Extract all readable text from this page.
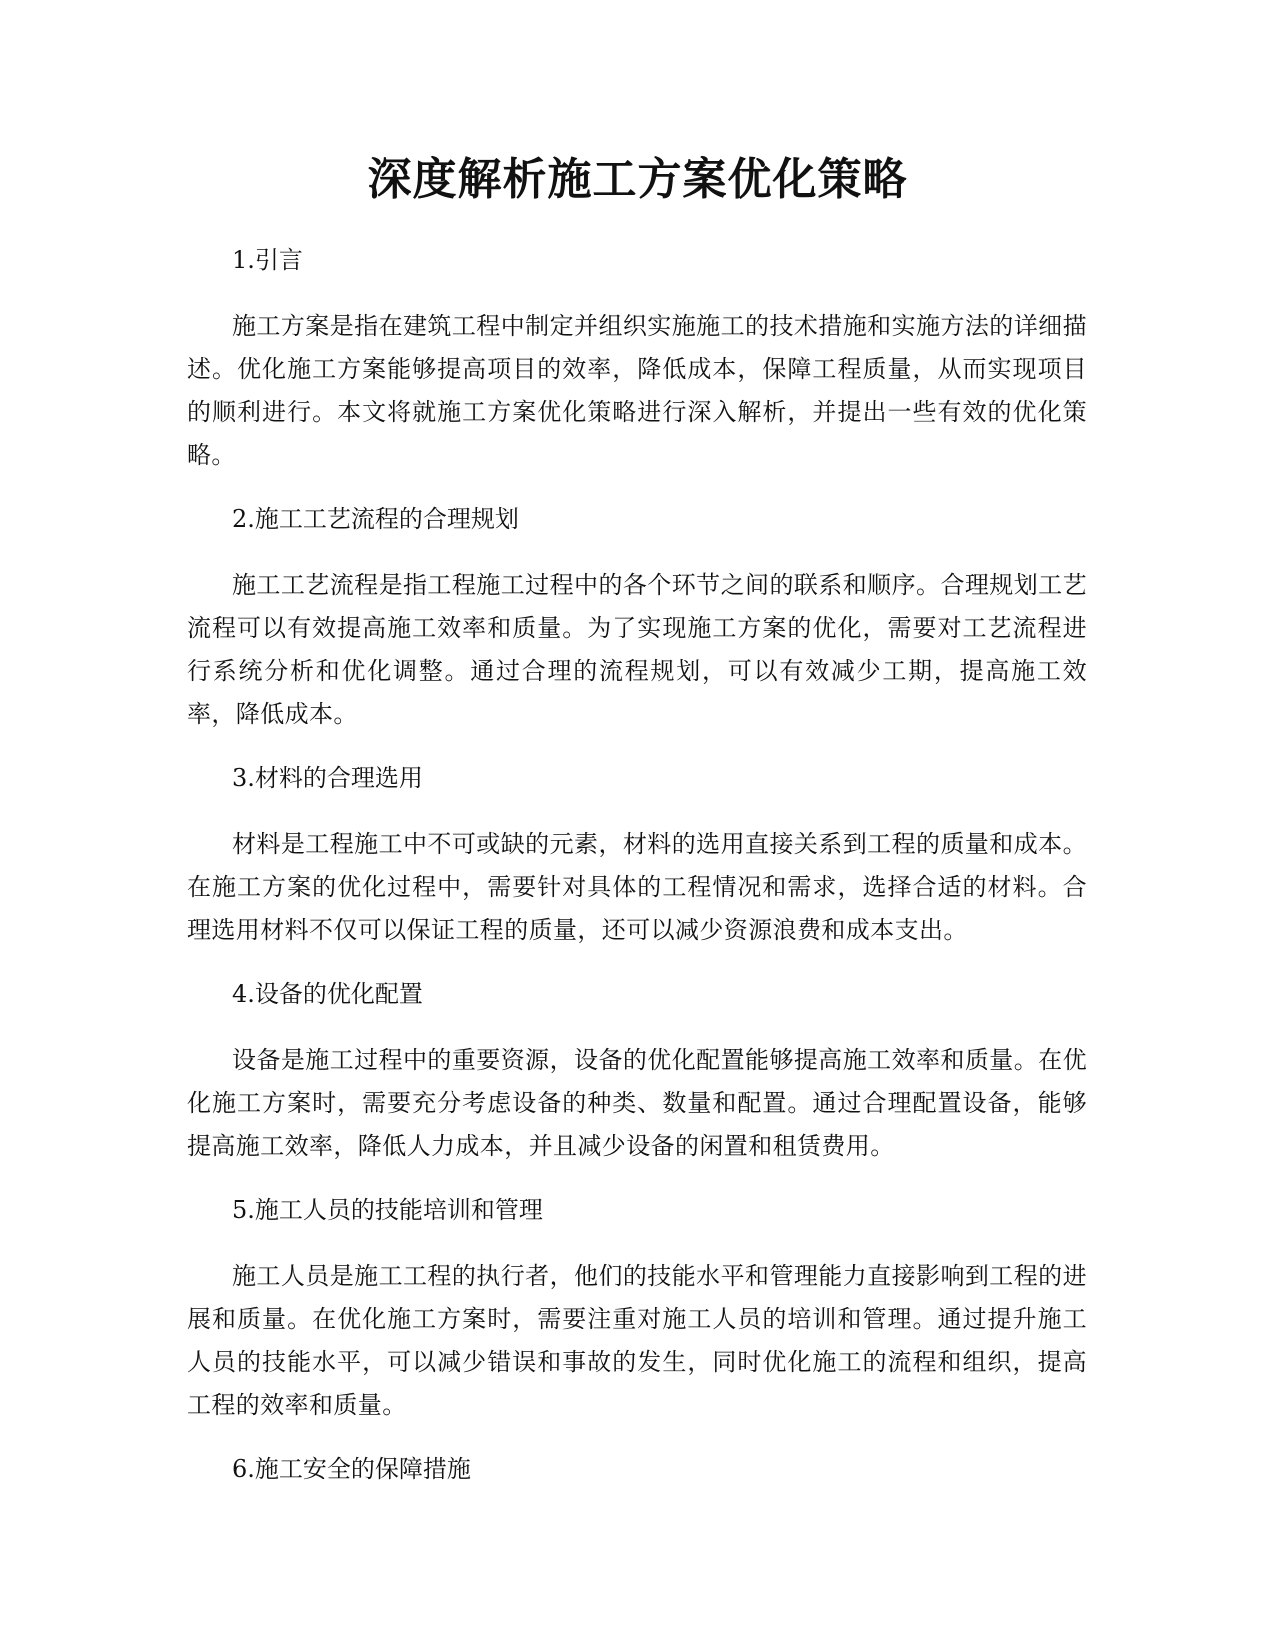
深度解析施工方案优化策略

1.引言

施工方案是指在建筑工程中制定并组织实施施工的技术措施和实施方法的详细描述。优化施工方案能够提高项目的效率，降低成本，保障工程质量，从而实现项目的顺利进行。本文将就施工方案优化策略进行深入解析，并提出一些有效的优化策略。

2.施工工艺流程的合理规划

施工工艺流程是指工程施工过程中的各个环节之间的联系和顺序。合理规划工艺流程可以有效提高施工效率和质量。为了实现施工方案的优化，需要对工艺流程进行系统分析和优化调整。通过合理的流程规划，可以有效减少工期，提高施工效率，降低成本。

3.材料的合理选用

材料是工程施工中不可或缺的元素，材料的选用直接关系到工程的质量和成本。在施工方案的优化过程中，需要针对具体的工程情况和需求，选择合适的材料。合理选用材料不仅可以保证工程的质量，还可以减少资源浪费和成本支出。

4.设备的优化配置

设备是施工过程中的重要资源，设备的优化配置能够提高施工效率和质量。在优化施工方案时，需要充分考虑设备的种类、数量和配置。通过合理配置设备，能够提高施工效率，降低人力成本，并且减少设备的闲置和租赁费用。

5.施工人员的技能培训和管理

施工人员是施工工程的执行者，他们的技能水平和管理能力直接影响到工程的进展和质量。在优化施工方案时，需要注重对施工人员的培训和管理。通过提升施工人员的技能水平，可以减少错误和事故的发生，同时优化施工的流程和组织，提高工程的效率和质量。

6.施工安全的保障措施
